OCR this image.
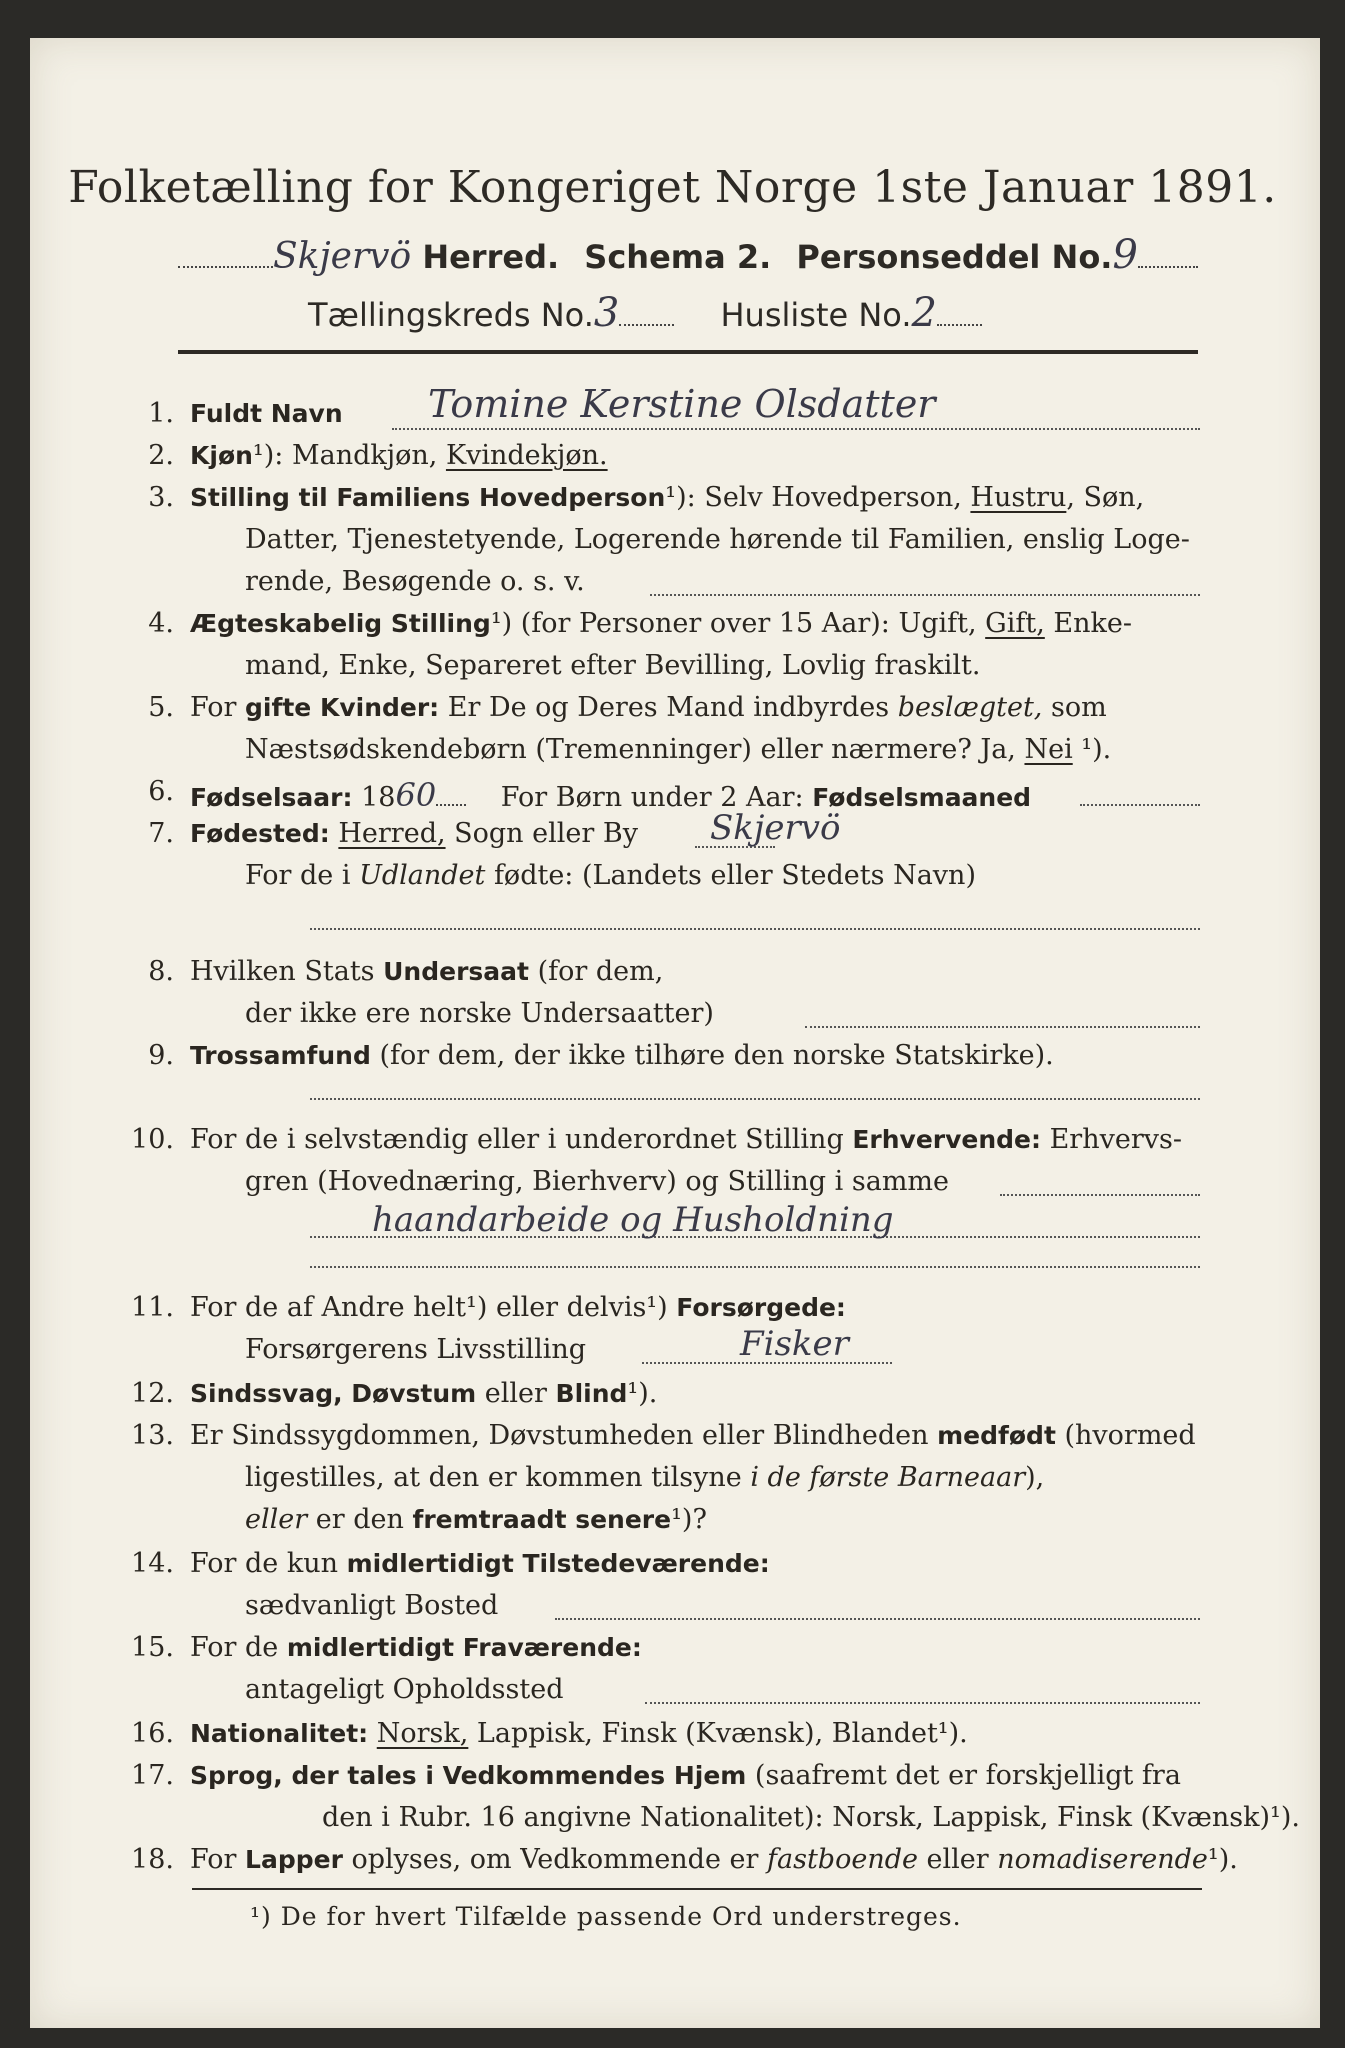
Folketælling for Kongeriget Norge 1ste Januar 1891.
Skjervö Herred. Schema 2. Personseddel No.9
Tællingskreds No.3	Husliste No.2
1. Fuldt Navn	Tomine Kerstine Olsdatter
2. Kjøn¹): Mandkjøn, Kvindekjøn.
3. Stilling til Familiens Hovedperson¹): Selv Hovedperson, Hustru, Søn,
Datter, Tjenestetyende, Logerende hørende til Familien, enslig Loge-
rende, Besøgende o. s. v.
4. Ægteskabelig Stilling¹) (for Personer over 15 Aar): Ugift, Gift, Enke-
mand, Enke, Separeret efter Bevilling, Lovlig fraskilt.
5. For gifte Kvinder: Er De og Deres Mand indbyrdes beslægtet, som
Næstsødskendebørn (Tremenninger) eller nærmere? Ja, Nei ¹).
6. Fødselsaar: 1860 For Børn under 2 Aar: Fødselsmaaned
7. Fødested: Herred, Sogn eller By	Skjervö
For de i Udlandet fødte: (Landets eller Stedets Navn)
8. Hvilken Stats Undersaat (for dem,
der ikke ere norske Undersaatter)
9. Trossamfund (for dem, der ikke tilhøre den norske Statskirke).
10. For de i selvstændig eller i underordnet Stilling Erhvervende: Erhvervs-
gren (Hovednæring, Bierhverv) og Stilling i samme
haandarbeide og Husholdning
11. For de af Andre helt¹) eller delvis¹) Forsørgede:
Forsørgerens Livsstilling	Fisker
12. Sindssvag, Døvstum eller Blind¹).
13. Er Sindssygdommen, Døvstumheden eller Blindheden medfødt (hvormed
ligestilles, at den er kommen tilsyne i de første Barneaar),
eller er den fremtraadt senere¹)?
14. For de kun midlertidigt Tilstedeværende:
sædvanligt Bosted
15. For de midlertidigt Fraværende:
antageligt Opholdssted
16. Nationalitet: Norsk, Lappisk, Finsk (Kvænsk), Blandet¹).
17. Sprog, der tales i Vedkommendes Hjem (saafremt det er forskjelligt fra
den i Rubr. 16 angivne Nationalitet): Norsk, Lappisk, Finsk (Kvænsk)¹).
18. For Lapper oplyses, om Vedkommende er fastboende eller nomadiserende¹).
¹) De for hvert Tilfælde passende Ord understreges.
